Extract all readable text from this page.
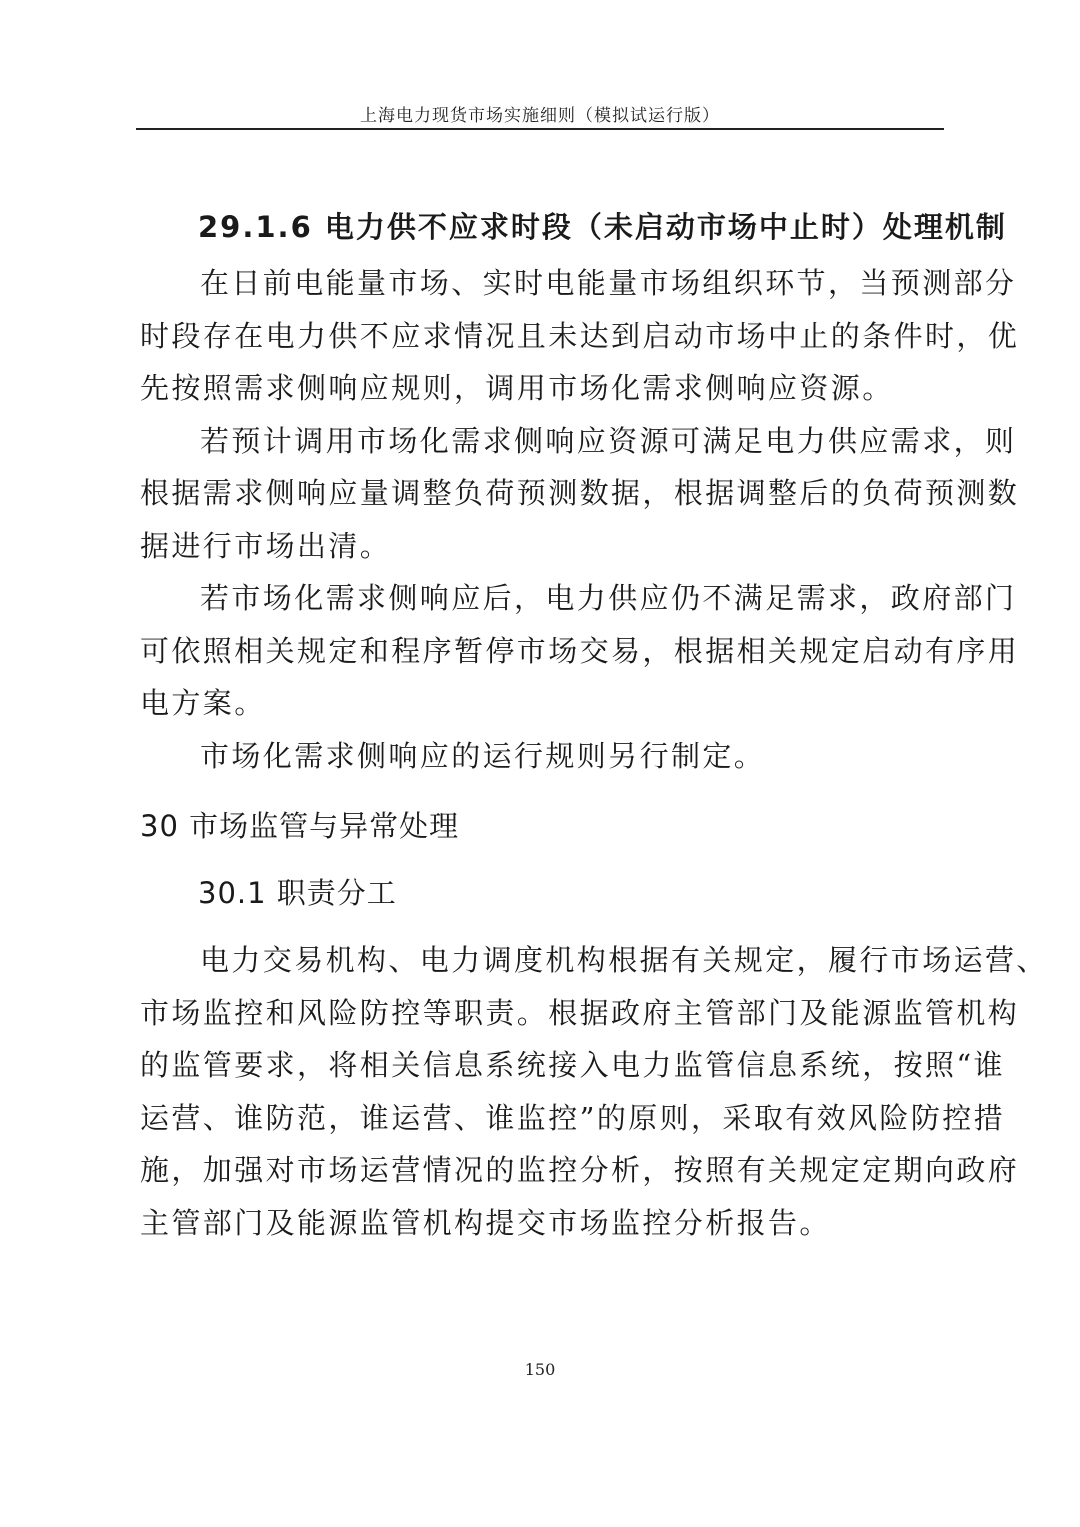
上海电力现货市场实施细则（模拟试运行版）
29.1.6 电力供不应求时段（未启动市场中止时）处理机制

在日前电能量市场、实时电能量市场组织环节，当预测部分
时段存在电力供不应求情况且未达到启动市场中止的条件时，优
先按照需求侧响应规则，调用市场化需求侧响应资源。

若预计调用市场化需求侧响应资源可满足电力供应需求，则
根据需求侧响应量调整负荷预测数据，根据调整后的负荷预测数
据进行市场出清。

若市场化需求侧响应后，电力供应仍不满足需求，政府部门
可依照相关规定和程序暂停市场交易，根据相关规定启动有序用
电方案。

市场化需求侧响应的运行规则另行制定。

30 市场监管与异常处理
30.1 职责分工

电力交易机构、电力调度机构根据有关规定，履行市场运营、
市场监控和风险防控等职责。根据政府主管部门及能源监管机构
的监管要求，将相关信息系统接入电力监管信息系统，按照“谁
运营、谁防范，谁运营、谁监控”的原则，采取有效风险防控措
施，加强对市场运营情况的监控分析，按照有关规定定期向政府
主管部门及能源监管机构提交市场监控分析报告。

150
